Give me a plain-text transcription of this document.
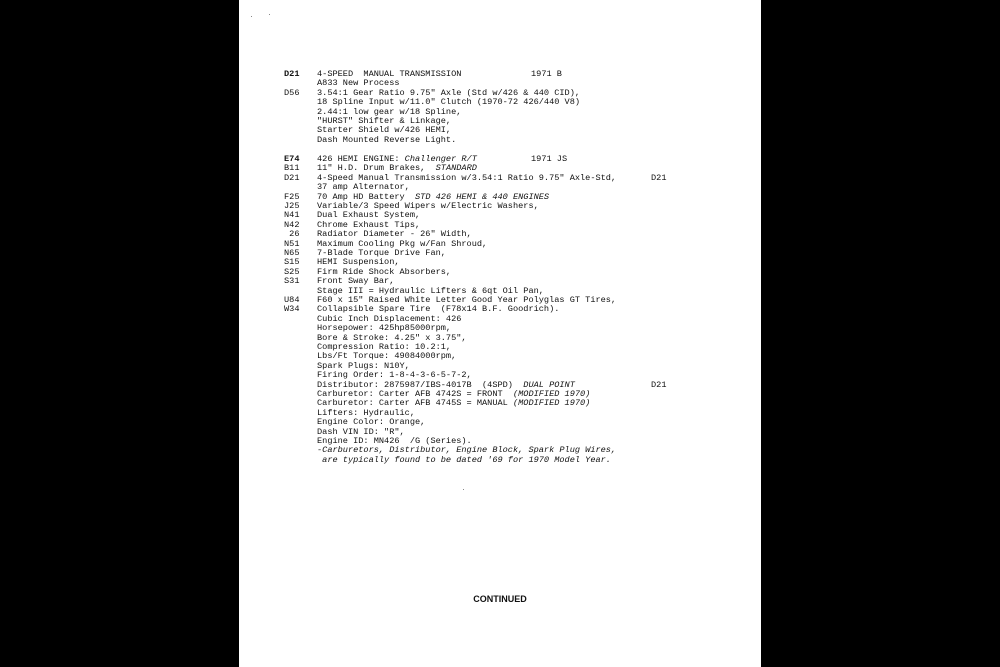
D21	4-SPEED  MANUAL TRANSMISSION	1971 B
A833 New Process
D56	3.54:1 Gear Ratio 9.75" Axle (Std w/426 & 440 CID),
18 Spline Input w/11.0" Clutch (1970-72 426/440 V8)
2.44:1 low gear w/18 Spline,
"HURST" Shifter & Linkage,
Starter Shield w/426 HEMI,
Dash Mounted Reverse Light.
E74	426 HEMI ENGINE: Challenger R/T	1971 JS
B11	11" H.D. Drum Brakes,  STANDARD
D21	4-Speed Manual Transmission w/3.54:1 Ratio 9.75" Axle-Std,	D21
37 amp Alternator,
F25	70 Amp HD Battery  STD 426 HEMI & 440 ENGINES
J25	Variable/3 Speed Wipers w/Electric Washers,
N41	Dual Exhaust System,
N42	Chrome Exhaust Tips,
26	Radiator Diameter - 26" Width,
N51	Maximum Cooling Pkg w/Fan Shroud,
N65	7-Blade Torque Drive Fan,
S15	HEMI Suspension,
S25	Firm Ride Shock Absorbers,
S31	Front Sway Bar,
Stage III = Hydraulic Lifters & 6qt Oil Pan,
U84	F60 x 15" Raised White Letter Good Year Polyglas GT Tires,
W34	Collapsible Spare Tire  (F78x14 B.F. Goodrich).
Cubic Inch Displacement: 426
Horsepower: 425hp85000rpm,
Bore & Stroke: 4.25" x 3.75",
Compression Ratio: 10.2:1,
Lbs/Ft Torque: 49084000rpm,
Spark Plugs: N10Y,
Firing Order: 1-8-4-3-6-5-7-2,
Distributor: 2875987/IBS-4017B  (4SPD)  DUAL POINT	D21
Carburetor: Carter AFB 4742S = FRONT  (MODIFIED 1970)
Carburetor: Carter AFB 4745S = MANUAL (MODIFIED 1970)
Lifters: Hydraulic,
Engine Color: Orange,
Dash VIN ID: "R",
Engine ID: MN426  /G (Series).
-Carburetors, Distributor, Engine Block, Spark Plug Wires,
are typically found to be dated '69 for 1970 Model Year.
CONTINUED
